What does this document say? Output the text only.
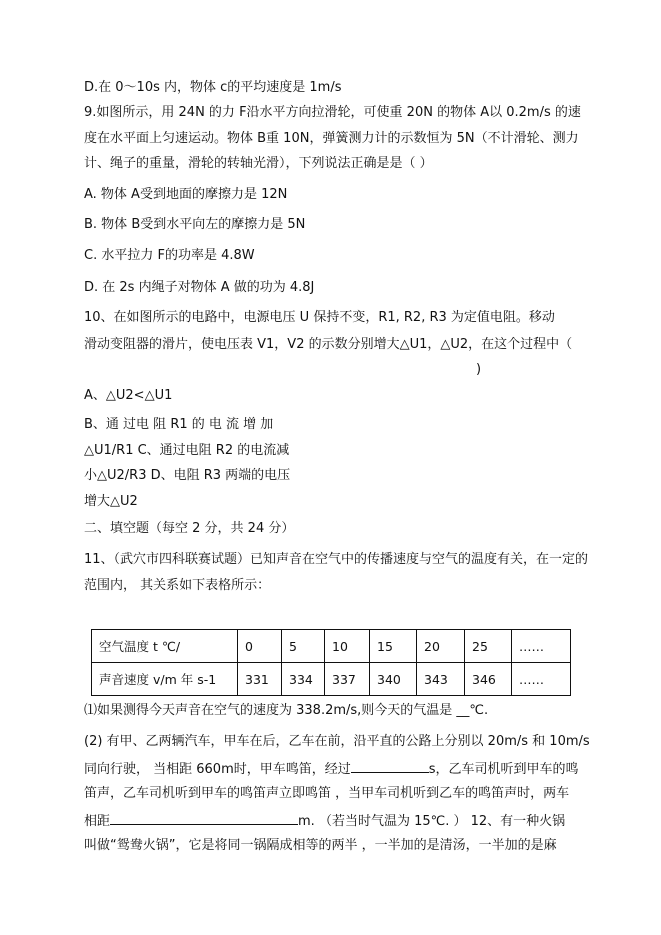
D.在 0～10s 内，物体 c的平均速度是 1m/s
9.如图所示，用 24N 的力 F沿水平方向拉滑轮，可使重 20N 的物体 A以 0.2m/s 的速
度在水平面上匀速运动。物体 B重 10N，弹簧测力计的示数恒为 5N（不计滑轮、测力
计、绳子的重量，滑轮的转轴光滑），下列说法正确是是（ ）
A. 物体 A受到地面的摩擦力是 12N
B. 物体 B受到水平向左的摩擦力是 5N
C. 水平拉力 F的功率是 4.8W
D. 在 2s 内绳子对物体 A 做的功为 4.8J
10、在如图所示的电路中，电源电压 U 保持不变，R1, R2, R3 为定值电阻。移动
滑动变阻器的滑片，使电压表 V1，V2 的示数分别增大△U1，△U2，在这个过程中（
)
A、△U2<△U1
B、通 过电 阻 R1 的 电 流 增 加
△U1/R1 C、通过电阻 R2 的电流减
小△U2/R3 D、电阻 R3 两端的电压
增大△U2
二、填空题（每空 2 分，共 24 分）
11、（武穴市四科联赛试题）已知声音在空气中的传播速度与空气的温度有关，在一定的
范围内， 其关系如下表格所示：
空气温度 t ℃/	0	5	10	15	20	25	……
声音速度 v/m 年 s-1	331	334	337	340	343	346	……
⑴如果测得今天声音在空气的速度为 338.2m/s,则今天的气温是 __℃.
(2) 有甲、乙两辆汽车，甲车在后，乙车在前，沿平直的公路上分别以 20m/s 和 10m/s
同向行驶， 当相距 660m时，甲车鸣笛，经过	s，乙车司机听到甲车的鸣
笛声，乙车司机听到甲车的鸣笛声立即鸣笛 ，当甲车司机听到乙车的鸣笛声时，两车
相距	m. （若当时气温为 15℃. ） 12、有一种火锅
叫做“鸳鸯火锅”，它是将同一锅隔成相等的两半 ，一半加的是清汤，一半加的是麻
